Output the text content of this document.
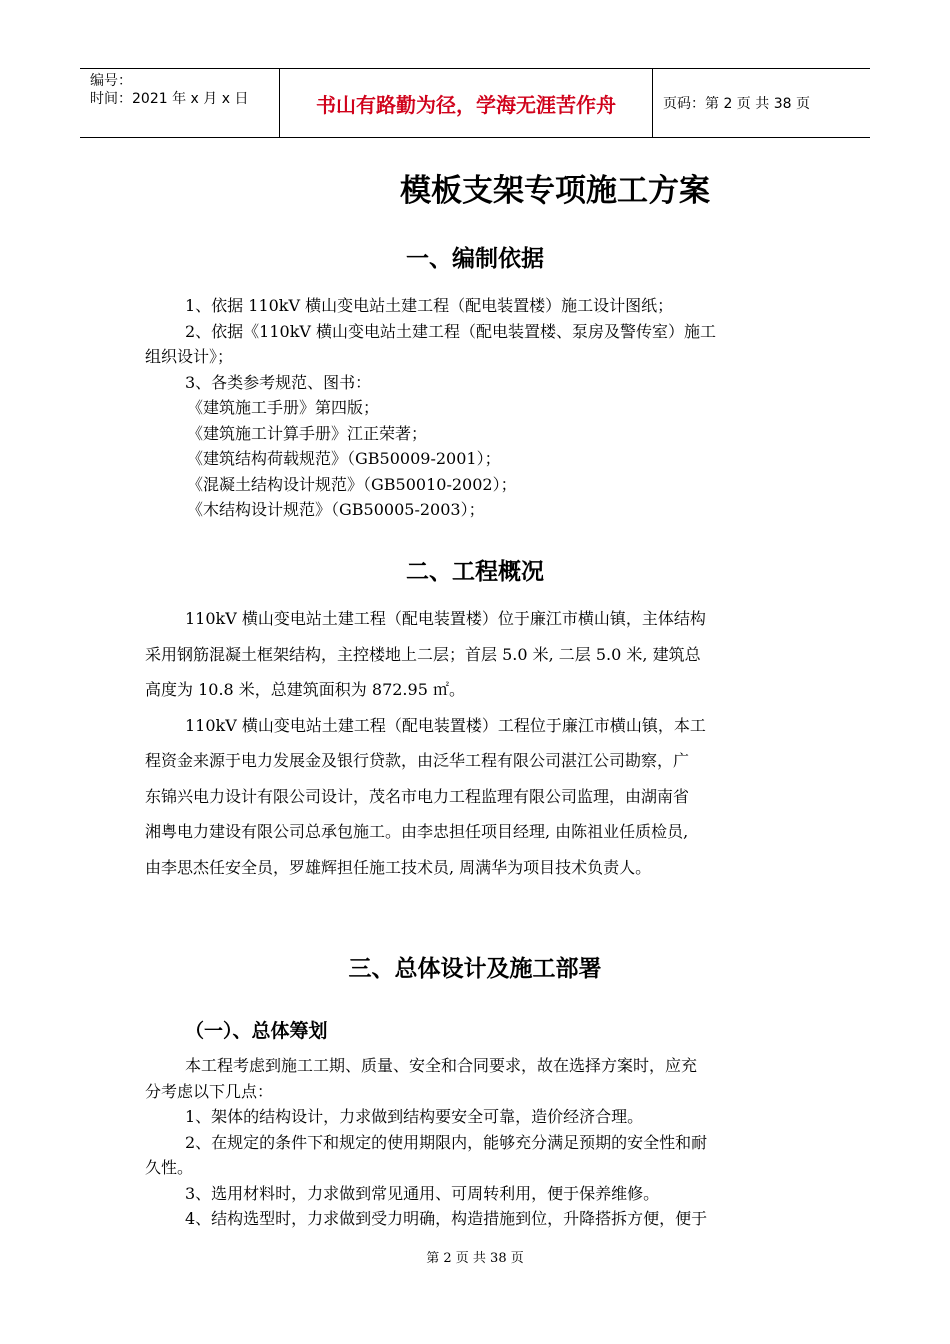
编号：
时间：2021 年 x 月 x 日	书山有路勤为径，学海无涯苦作舟	页码：第 2 页 共 38 页
模板支架专项施工方案
一、编制依据

1、依据 110kV 横山变电站土建工程（配电装置楼）施工设计图纸；

2、依据《110kV 横山变电站土建工程（配电装置楼、泵房及警传室）施工

组织设计》；

3、各类参考规范、图书：

《建筑施工手册》第四版；

《建筑施工计算手册》江正荣著；

《建筑结构荷载规范》（GB50009-2001）；

《混凝土结构设计规范》（GB50010-2002）；

《木结构设计规范》（GB50005-2003）；

二、工程概况

110kV 横山变电站土建工程（配电装置楼）位于廉江市横山镇，主体结构

采用钢筋混凝土框架结构，主控楼地上二层；首层 5.0 米, 二层 5.0 米, 建筑总

高度为 10.8 米，总建筑面积为 872.95 ㎡。

110kV 横山变电站土建工程（配电装置楼）工程位于廉江市横山镇，本工

程资金来源于电力发展金及银行贷款，由泛华工程有限公司湛江公司勘察，广

东锦兴电力设计有限公司设计，茂名市电力工程监理有限公司监理，由湖南省

湘粤电力建设有限公司总承包施工。由李忠担任项目经理, 由陈祖业任质检员,

由李思杰任安全员，罗雄辉担任施工技术员, 周满华为项目技术负责人。

三、总体设计及施工部署
（一）、总体筹划

本工程考虑到施工工期、质量、安全和合同要求，故在选择方案时，应充

分考虑以下几点：

1、架体的结构设计，力求做到结构要安全可靠，造价经济合理。

2、在规定的条件下和规定的使用期限内，能够充分满足预期的安全性和耐

久性。

3、选用材料时，力求做到常见通用、可周转利用，便于保养维修。

4、结构选型时，力求做到受力明确，构造措施到位，升降搭拆方便，便于

第 2 页 共 38 页
